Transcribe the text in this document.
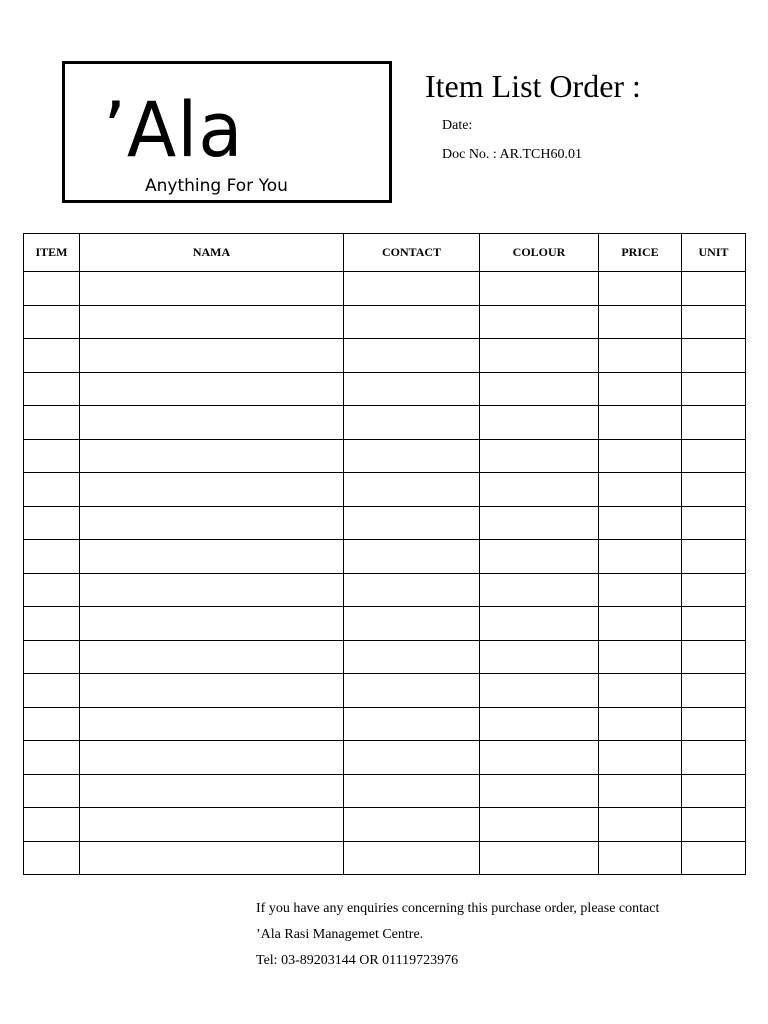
’Ala
Anything For You
Item List Order :
Date:
Doc No. : AR.TCH60.01
ITEM	NAMA	CONTACT	COLOUR	PRICE	UNIT

If you have any enquiries concerning this purchase order, please contact
’Ala Rasi Managemet Centre.
Tel: 03-89203144 OR 01119723976
